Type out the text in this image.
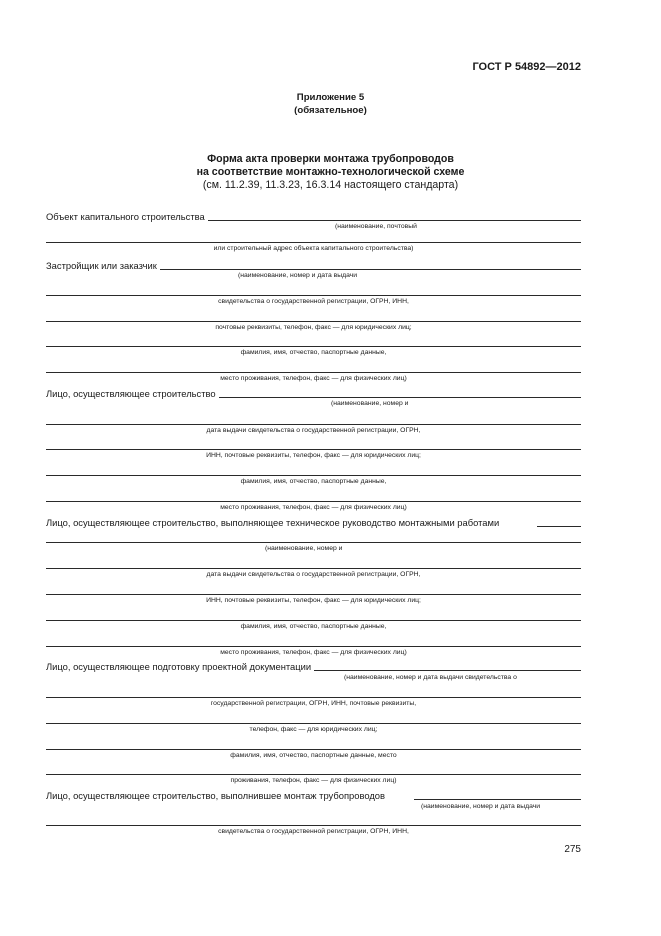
ГОСТ Р 54892—2012
Приложение 5
(обязательное)
Форма акта проверки монтажа трубопроводов
на соответствие монтажно-технологической схеме
(см. 11.2.39, 11.3.23, 16.3.14 настоящего стандарта)
Объект капитального строительства
(наименование, почтовый
или строительный адрес объекта капитального строительства)
Застройщик или заказчик
(наименование, номер и дата выдачи
свидетельства о государственной регистрации, ОГРН, ИНН,
почтовые реквизиты, телефон, факс — для юридических лиц;
фамилия, имя, отчество, паспортные данные,
место проживания, телефон, факс — для физических лиц)
Лицо, осуществляющее строительство
(наименование, номер и
дата выдачи свидетельства о государственной регистрации, ОГРН,
ИНН, почтовые реквизиты, телефон, факс — для юридических лиц;
фамилия, имя, отчество, паспортные данные,
место проживания, телефон, факс — для физических лиц)
Лицо, осуществляющее строительство, выполняющее техническое руководство монтажными работами
(наименование, номер и
дата выдачи свидетельства о государственной регистрации, ОГРН,
ИНН, почтовые реквизиты, телефон, факс — для юридических лиц;
фамилия, имя, отчество, паспортные данные,
место проживания, телефон, факс — для физических лиц)
Лицо, осуществляющее подготовку проектной документации
(наименование, номер и дата выдачи свидетельства о
государственной регистрации, ОГРН, ИНН, почтовые реквизиты,
телефон, факс — для юридических лиц;
фамилия, имя, отчество, паспортные данные, место
проживания, телефон, факс — для физических лиц)
Лицо, осуществляющее строительство, выполнившее монтаж трубопроводов
(наименование, номер и дата выдачи
свидетельства о государственной регистрации, ОГРН, ИНН,
275
